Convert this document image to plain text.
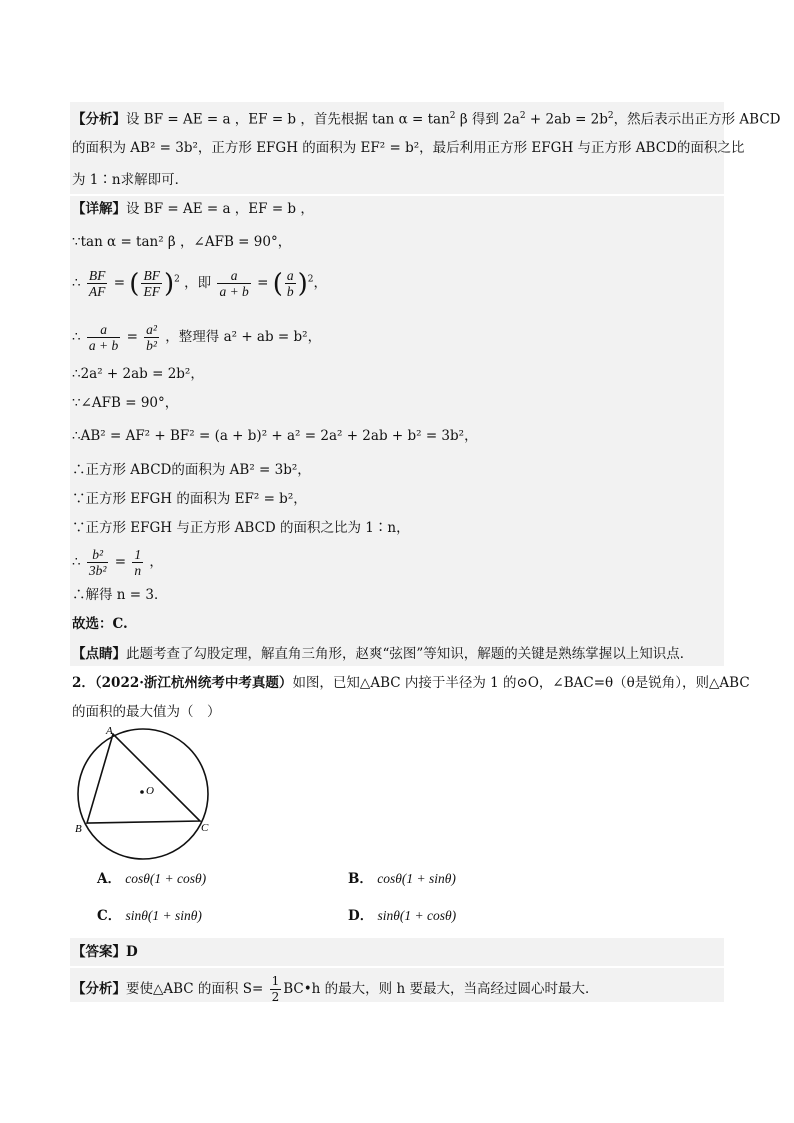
【分析】设 BF = AE = a ，EF = b ，首先根据 $\tan \alpha = \tan^2 \beta$ 得到 $2a^2 + 2ab = 2b^2$，然后表示出正方形 ABCD
的面积为 AB² = 3b²，正方形 EFGH 的面积为 EF² = b²，最后利用正方形 EFGH 与正方形 ABCD的面积之比
为 1∶n求解即可．
【详解】设 BF = AE = a ，EF = b ，
∵tan α = tan² β ，∠AFB = 90°，
∴ $\frac{BF}{AF}$ = ( $\frac{BF}{EF} )^2$ ，即 $\frac{a}{a + b}$ = ( $\frac{a}{b} )^2$，
∴ $\frac{a}{a + b} = \frac{\text{a²}}{\text{b²}}$ ，整理得 a² + ab = b²，
∴2a² + 2ab = 2b²，
∵∠AFB = 90°，
∴AB² = AF² + BF² = (a + b)² + a² = 2a² + 2ab + b² = 3b²，
∴正方形 ABCD的面积为 AB² = 3b²，
∵正方形 EFGH 的面积为 EF² = b²，
∵正方形 EFGH 与正方形 ABCD 的面积之比为 1∶n，
∴ $\frac{\text{b²}}{\text{3b²}} = \frac{1}{n}$ ，
∴解得 n = 3．
故选：C.
【点睛】此题考查了勾股定理，解直角三角形，赵爽“弦图”等知识，解题的关键是熟练掌握以上知识点．
2．（2022·浙江杭州统考中考真题）如图，已知△ABC 内接于半径为 1 的⊙O，∠BAC=θ（θ是锐角），则△ABC
的面积的最大值为（　）
A
B	C
O
A． cosθ(1 + cosθ)	B． cosθ(1 + sinθ)
C． sinθ(1 + sinθ)	D． sinθ(1 + cosθ)
【答案】D
【分析】要使△ABC 的面积 $S= \frac{1}{2}$ BC•h 的最大，则 h 要最大，当高经过圆心时最大．
